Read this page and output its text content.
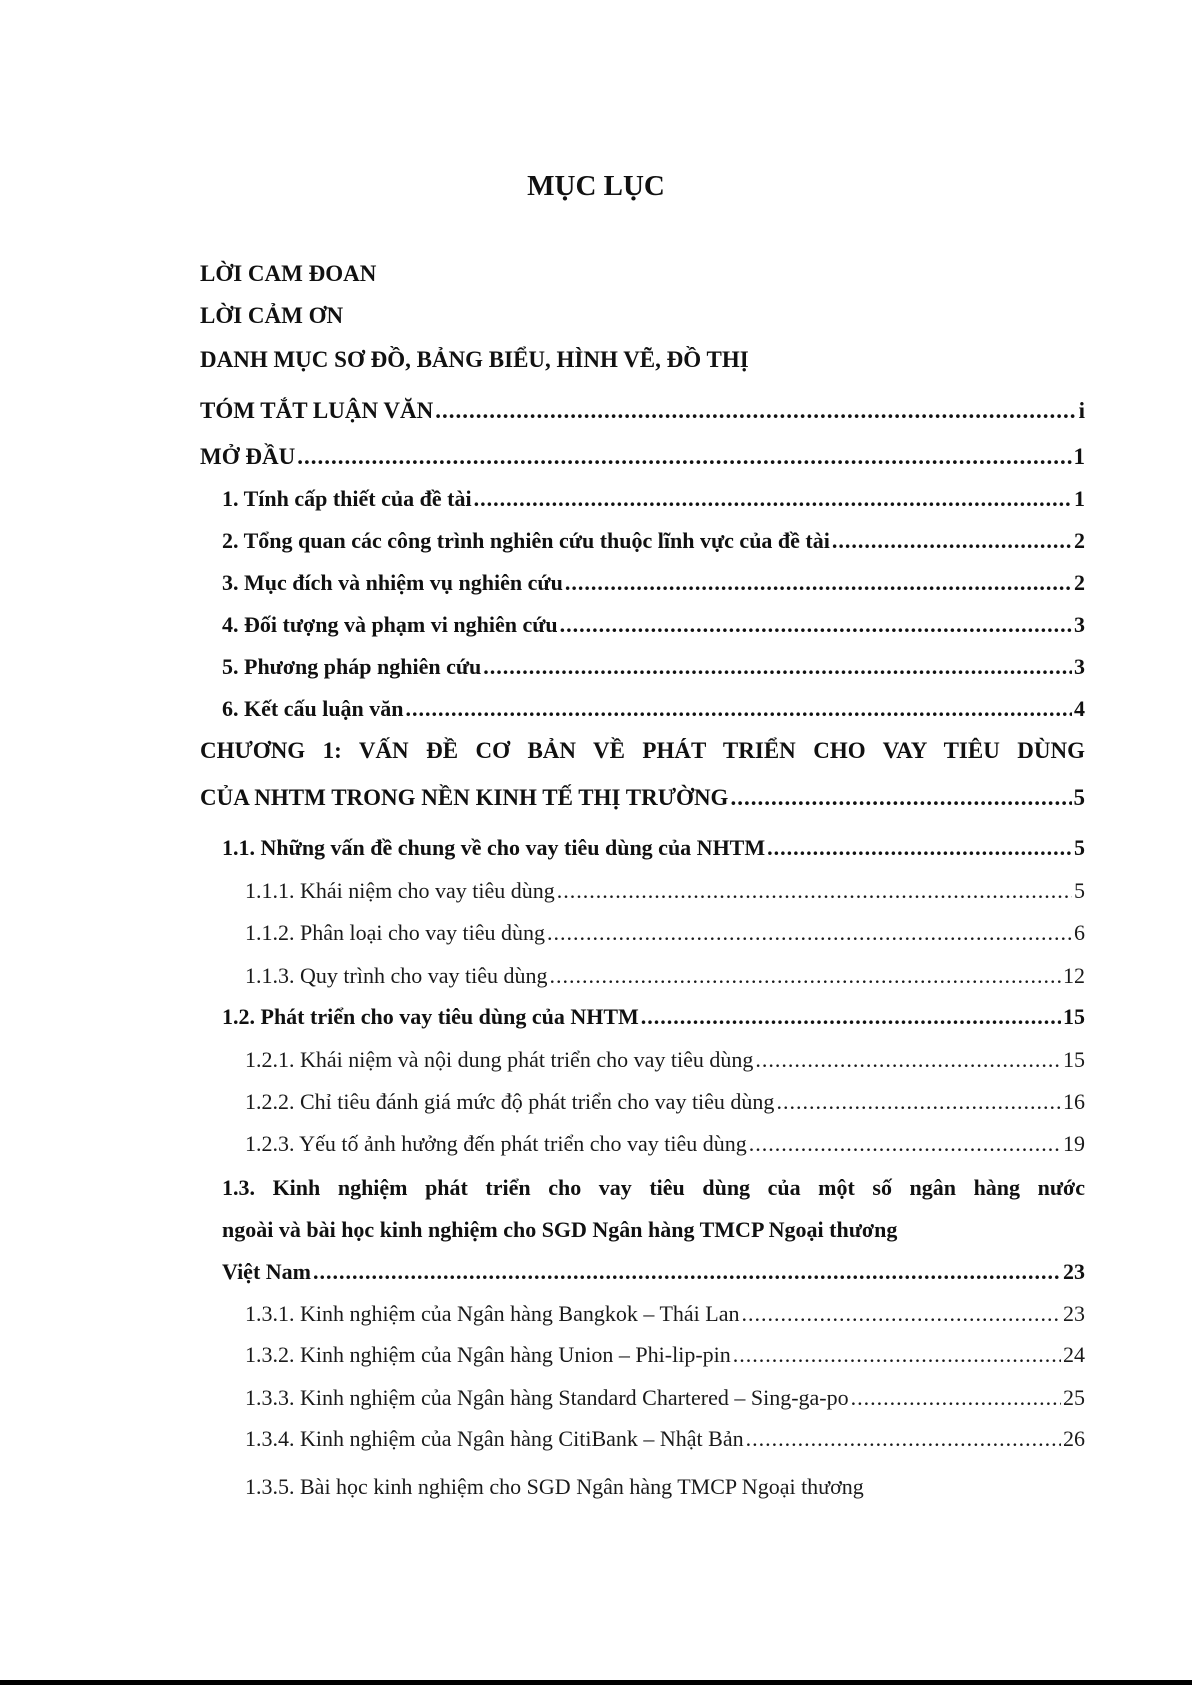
MỤC LỤC
LỜI CAM ĐOAN
LỜI CẢM ƠN
DANH MỤC SƠ ĐỒ, BẢNG BIỂU, HÌNH VẼ, ĐỒ THỊ
TÓM TẮT LUẬN VĂN .....	i
MỞ ĐẦU .....	1
1. Tính cấp thiết của đề tài .....	1
2. Tổng quan các công trình nghiên cứu thuộc lĩnh vực của đề tài .....	2
3. Mục đích và nhiệm vụ nghiên cứu .....	2
4. Đối tượng và phạm vi nghiên cứu .....	3
5. Phương pháp nghiên cứu .....	3
6. Kết cấu luận văn .....	4
CHƯƠNG 1: VẤN ĐỀ CƠ BẢN VỀ PHÁT TRIỂN CHO VAY TIÊU DÙNG
CỦA NHTM TRONG NỀN KINH TẾ THỊ TRƯỜNG .....	5
1.1. Những vấn đề chung về cho vay tiêu dùng của NHTM .....	5
1.1.1. Khái niệm cho vay tiêu dùng .....	5
1.1.2. Phân loại cho vay tiêu dùng .....	6
1.1.3. Quy trình cho vay tiêu dùng .....	12
1.2. Phát triển cho vay tiêu dùng của NHTM .....	15
1.2.1. Khái niệm và nội dung phát triển cho vay tiêu dùng .....	15
1.2.2. Chỉ tiêu đánh giá mức độ phát triển cho vay tiêu dùng .....	16
1.2.3. Yếu tố ảnh hưởng đến phát triển cho vay tiêu dùng .....	19
1.3. Kinh nghiệm phát triển cho vay tiêu dùng của một số ngân hàng nước
ngoài và bài học kinh nghiệm cho SGD Ngân hàng TMCP Ngoại thương
Việt Nam .....	23
1.3.1. Kinh nghiệm của Ngân hàng Bangkok – Thái Lan .....	23
1.3.2. Kinh nghiệm của Ngân hàng Union – Phi-lip-pin .....	24
1.3.3. Kinh nghiệm của Ngân hàng Standard Chartered – Sing-ga-po .....	25
1.3.4. Kinh nghiệm của Ngân hàng CitiBank – Nhật Bản .....	26
1.3.5. Bài học kinh nghiệm cho SGD Ngân hàng TMCP Ngoại thương
